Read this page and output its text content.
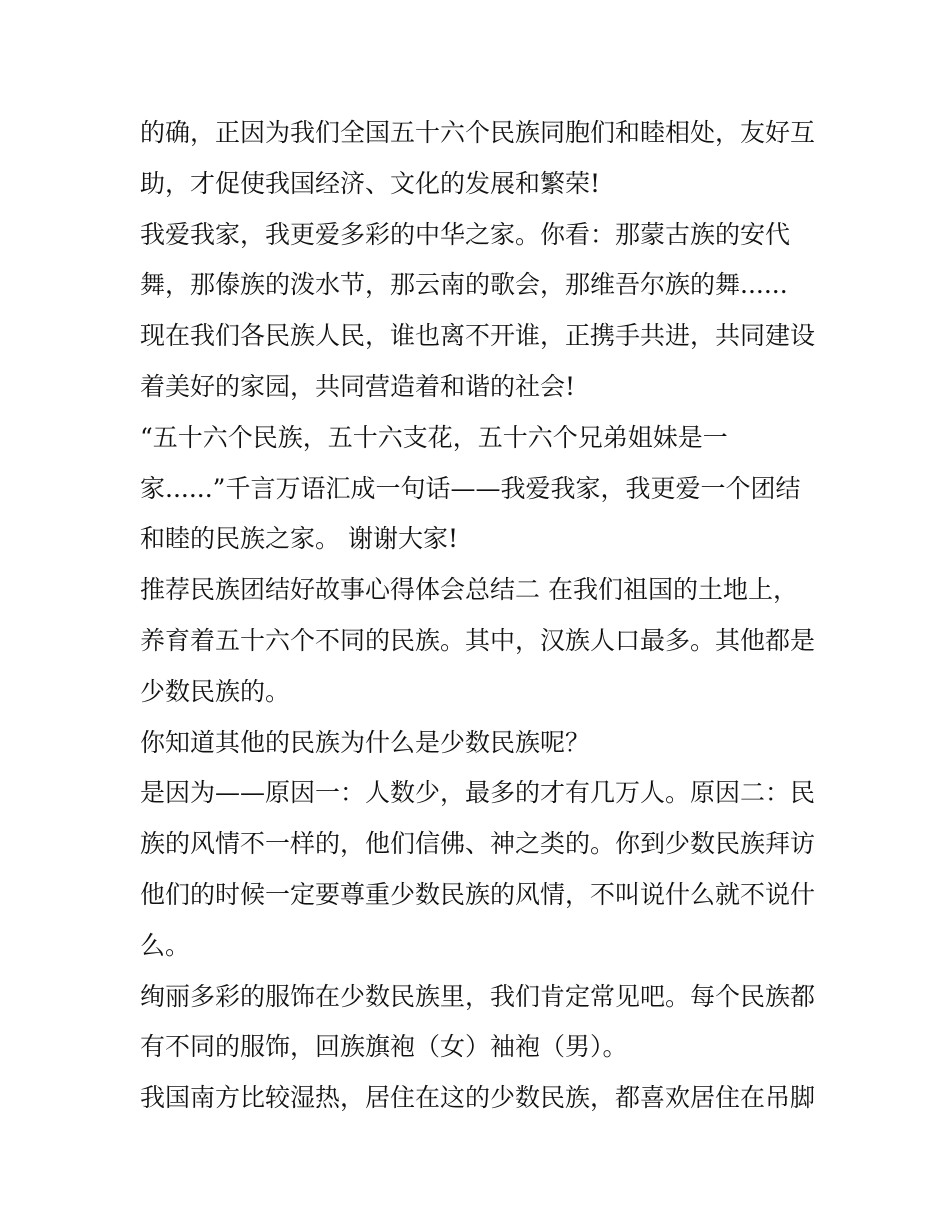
的确，正因为我们全国五十六个民族同胞们和睦相处，友好互
助，才促使我国经济、文化的发展和繁荣!
我爱我家，我更爱多彩的中华之家。你看：那蒙古族的安代
舞，那傣族的泼水节，那云南的歌会，那维吾尔族的舞......
现在我们各民族人民，谁也离不开谁，正携手共进，共同建设
着美好的家园，共同营造着和谐的社会!
“五十六个民族，五十六支花，五十六个兄弟姐妹是一
家......”千言万语汇成一句话——我爱我家，我更爱一个团结
和睦的民族之家。 谢谢大家!
推荐民族团结好故事心得体会总结二 在我们祖国的土地上，
养育着五十六个不同的民族。其中，汉族人口最多。其他都是
少数民族的。
你知道其他的民族为什么是少数民族呢？
是因为——原因一：人数少，最多的才有几万人。原因二：民
族的风情不一样的，他们信佛、神之类的。你到少数民族拜访
他们的时候一定要尊重少数民族的风情，不叫说什么就不说什
么。
绚丽多彩的服饰在少数民族里，我们肯定常见吧。每个民族都
有不同的服饰，回族旗袍（女）袖袍（男）。
我国南方比较湿热，居住在这的少数民族，都喜欢居住在吊脚
